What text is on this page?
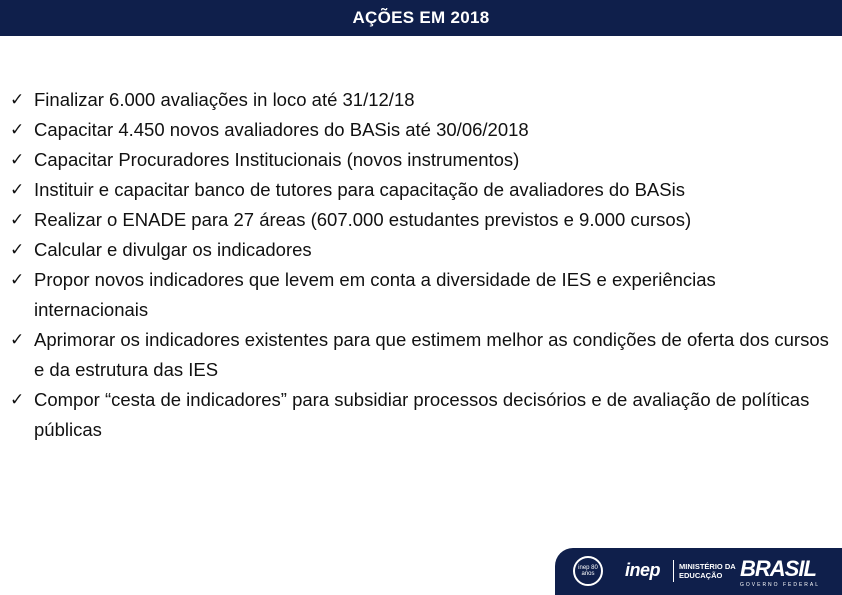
AÇÕES EM 2018
✓ Finalizar 6.000 avaliações in loco até 31/12/18
✓ Capacitar 4.450 novos avaliadores do BASis até 30/06/2018
✓ Capacitar Procuradores Institucionais (novos instrumentos)
✓ Instituir e capacitar banco de tutores para capacitação de avaliadores do BASis
✓ Realizar o ENADE para 27 áreas (607.000 estudantes previstos e 9.000 cursos)
✓ Calcular e divulgar os indicadores
✓ Propor novos indicadores que levem em conta a diversidade de IES e experiências internacionais
✓ Aprimorar os indicadores existentes para que estimem melhor as condições de oferta dos cursos e da estrutura das IES
✓ Compor “cesta de indicadores” para subsidiar processos decisórios e de avaliação de políticas públicas
inep 80 anos	inep	MINISTÉRIO DA
EDUCAÇÃO BRASIL
GOVERNO FEDERAL
